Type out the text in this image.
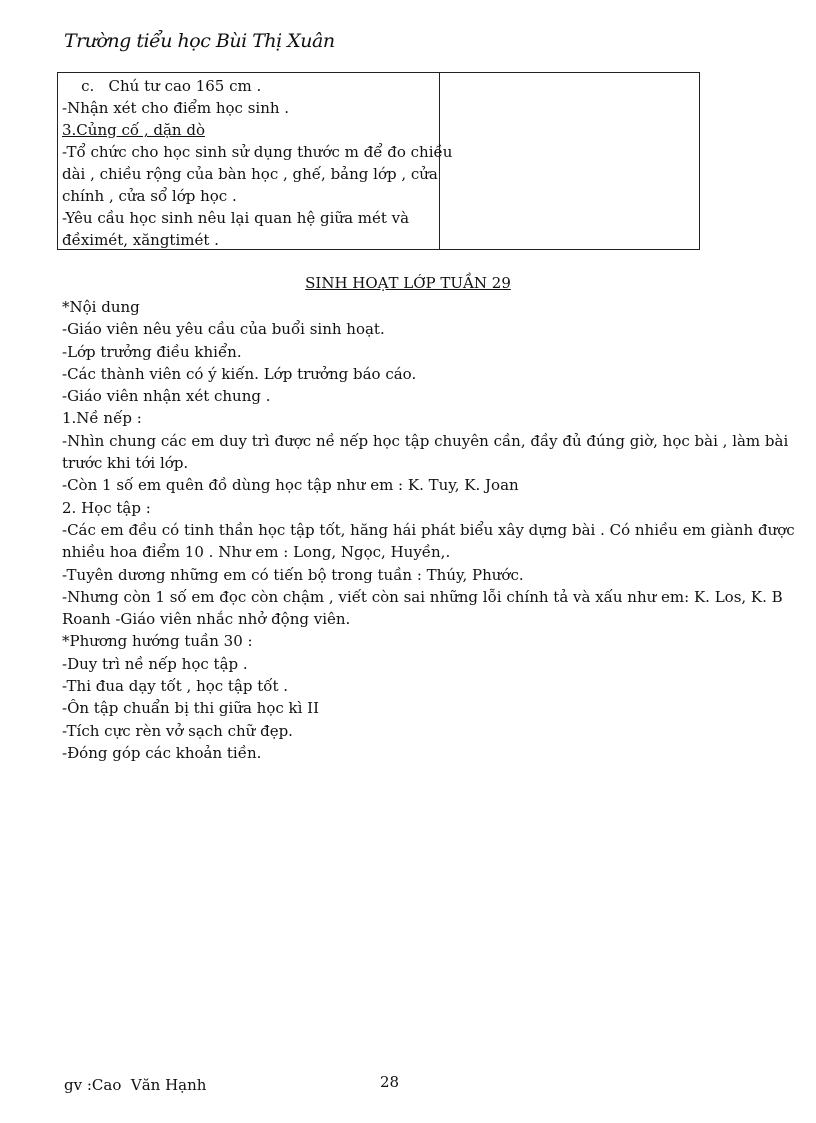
Trường tiểu học Bùi Thị Xuân
c.   Chú tư cao 165 cm .
-Nhận xét cho điểm học sinh .
3.Củng cố , dặn dò
-Tổ chức cho học sinh sử dụng thước m để đo chiều
dài , chiều rộng của bàn học , ghế, bảng lớp , cửa
chính , cửa sổ lớp học .
-Yêu cầu học sinh nêu lại quan hệ giữa mét và
đềximét, xăngtimét .
SINH HOẠT LỚP TUẦN 29
*Nội dung
-Giáo viên nêu yêu cầu của buổi sinh hoạt.
-Lớp trưởng điều khiển.
-Các thành viên có ý kiến. Lớp trưởng báo cáo.
-Giáo viên nhận xét chung .
1.Nề nếp :
-Nhìn chung các em duy trì được nề nếp học tập chuyên cần, đầy đủ đúng giờ, học bài , làm bài
trước khi tới lớp.
-Còn 1 số em quên đồ dùng học tập như em : K. Tuy, K. Joan
2. Học tập :
-Các em đều có tinh thần học tập tốt, hăng hái phát biểu xây dựng bài . Có nhiều em giành được
nhiều hoa điểm 10 . Như em : Long, Ngọc, Huyền,.
-Tuyên dương những em có tiến bộ trong tuần : Thúy, Phước.
-Nhưng còn 1 số em đọc còn chậm , viết còn sai những lỗi chính tả và xấu như em: K. Los, K. B
Roanh -Giáo viên nhắc nhở động viên.
*Phương hướng tuần 30 :
-Duy trì nề nếp học tập .
-Thi đua dạy tốt , học tập tốt .
-Ôn tập chuẩn bị thi giữa học kì II
-Tích cực rèn vở sạch chữ đẹp.
-Đóng góp các khoản tiền.
gv :Cao  Văn Hạnh	28
